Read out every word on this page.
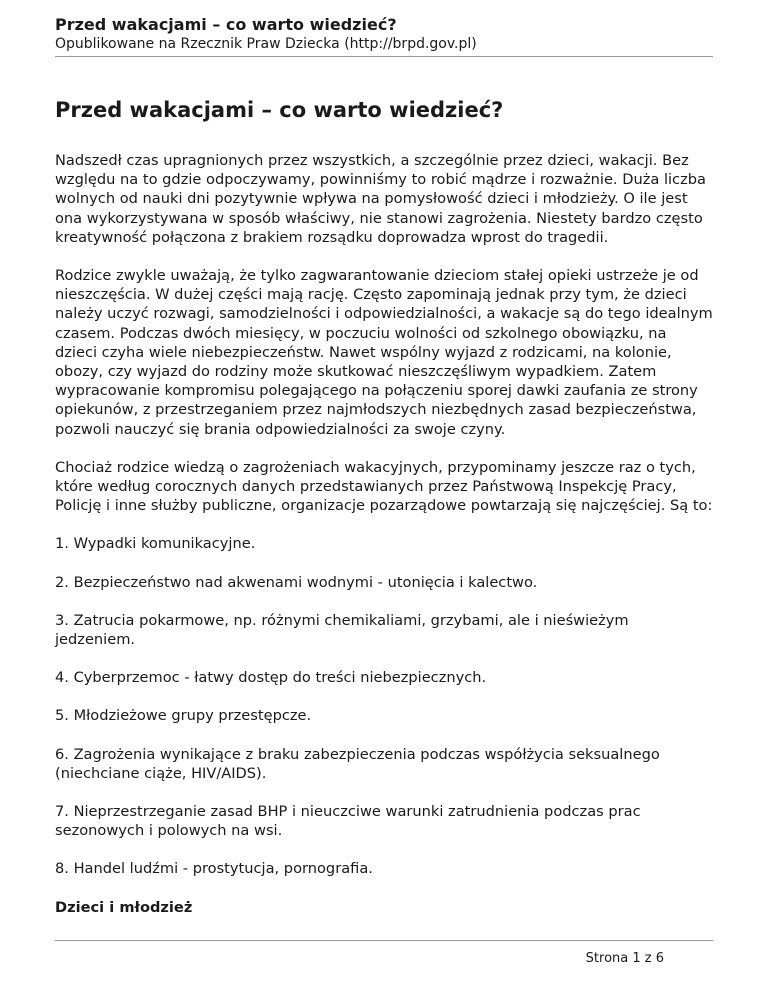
Przed wakacjami – co warto wiedzieć?

Opublikowane na Rzecznik Praw Dziecka (http://brpd.gov.pl)

Przed wakacjami – co warto wiedzieć?

Nadszedł czas upragnionych przez wszystkich, a szczególnie przez dzieci, wakacji. Bez względu na to gdzie odpoczywamy, powinniśmy to robić mądrze i rozważnie. Duża liczba wolnych od nauki dni pozytywnie wpływa na pomysłowość dzieci i młodzieży. O ile jest ona wykorzystywana w sposób właściwy, nie stanowi zagrożenia. Niestety bardzo często kreatywność połączona z brakiem rozsądku doprowadza wprost do tragedii.

Rodzice zwykle uważają, że tylko zagwarantowanie dzieciom stałej opieki ustrzeże je od nieszczęścia. W dużej części mają rację. Często zapominają jednak przy tym, że dzieci należy uczyć rozwagi, samodzielności i odpowiedzialności, a wakacje są do tego idealnym czasem. Podczas dwóch miesięcy, w poczuciu wolności od szkolnego obowiązku, na dzieci czyha wiele niebezpieczeństw. Nawet wspólny wyjazd z rodzicami, na kolonie, obozy, czy wyjazd do rodziny może skutkować nieszczęśliwym wypadkiem. Zatem wypracowanie kompromisu polegającego na połączeniu sporej dawki zaufania ze strony opiekunów, z przestrzeganiem przez najmłodszych niezbędnych zasad bezpieczeństwa, pozwoli nauczyć się brania odpowiedzialności za swoje czyny.

Chociaż rodzice wiedzą o zagrożeniach wakacyjnych, przypominamy jeszcze raz o tych, które według corocznych danych przedstawianych przez Państwową Inspekcję Pracy, Policję i inne służby publiczne, organizacje pozarządowe powtarzają się najczęściej. Są to:

1. Wypadki komunikacyjne.

2. Bezpieczeństwo nad akwenami wodnymi - utonięcia i kalectwo.

3. Zatrucia pokarmowe, np. różnymi chemikaliami, grzybami, ale i nieświeżym jedzeniem.

4. Cyberprzemoc - łatwy dostęp do treści niebezpiecznych.

5. Młodzieżowe grupy przestępcze.

6. Zagrożenia wynikające z braku zabezpieczenia podczas współżycia seksualnego (niechciane ciąże, HIV/AIDS).

7. Nieprzestrzeganie zasad BHP i nieuczciwe warunki zatrudnienia podczas prac sezonowych i polowych na wsi.

8. Handel ludźmi - prostytucja, pornografia.

Dzieci i młodzież

Strona 1 z 6
